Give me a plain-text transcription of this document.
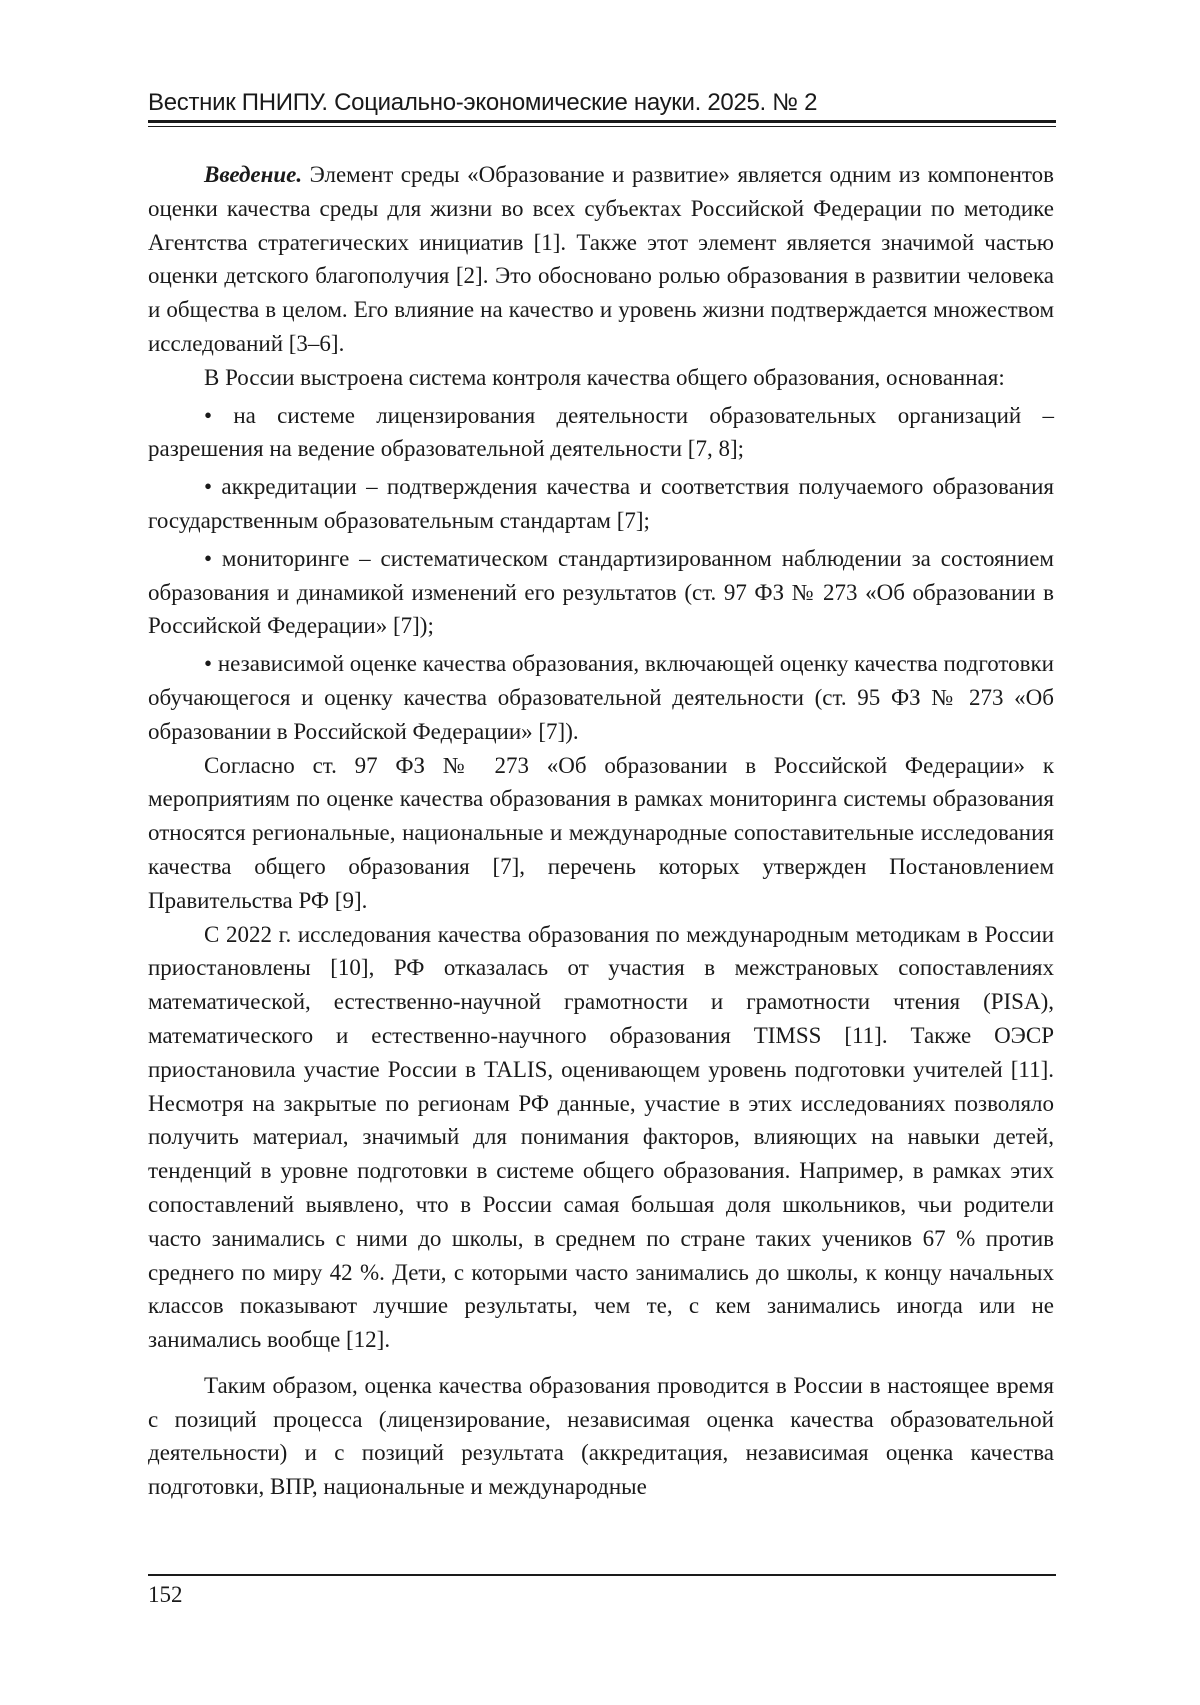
Вестник ПНИПУ. Социально-экономические науки. 2025. № 2

Введение. Элемент среды «Образование и развитие» является одним из компонентов оценки качества среды для жизни во всех субъектах Российской Федерации по методике Агентства стратегических инициатив [1]. Также этот элемент является значимой частью оценки детского благополучия [2]. Это обосновано ролью образования в развитии человека и общества в целом. Его влияние на качество и уровень жизни подтверждается множеством исследований [3–6].

В России выстроена система контроля качества общего образования, основанная:

• на системе лицензирования деятельности образовательных организаций – разрешения на ведение образовательной деятельности [7, 8];

• аккредитации – подтверждения качества и соответствия получаемого образования государственным образовательным стандартам [7];

• мониторинге – систематическом стандартизированном наблюдении за состоянием образования и динамикой изменений его результатов (ст. 97 ФЗ № 273 «Об образовании в Российской Федерации» [7]);

• независимой оценке качества образования, включающей оценку качества подготовки обучающегося и оценку качества образовательной деятельности (ст. 95 ФЗ № 273 «Об образовании в Российской Федерации» [7]).

Согласно ст. 97 ФЗ № 273 «Об образовании в Российской Федерации» к мероприятиям по оценке качества образования в рамках мониторинга системы образования относятся региональные, национальные и международные сопоставительные исследования качества общего образования [7], перечень которых утвержден Постановлением Правительства РФ [9].

С 2022 г. исследования качества образования по международным методикам в России приостановлены [10], РФ отказалась от участия в межстрановых сопоставлениях математической, естественно-научной грамотности и грамотности чтения (PISA), математического и естественно-научного образования TIMSS [11]. Также ОЭСР приостановила участие России в TALIS, оценивающем уровень подготовки учителей [11]. Несмотря на закрытые по регионам РФ данные, участие в этих исследованиях позволяло получить материал, значимый для понимания факторов, влияющих на навыки детей, тенденций в уровне подготовки в системе общего образования. Например, в рамках этих сопоставлений выявлено, что в России самая большая доля школьников, чьи родители часто занимались с ними до школы, в среднем по стране таких учеников 67 % против среднего по миру 42 %. Дети, с которыми часто занимались до школы, к концу начальных классов показывают лучшие результаты, чем те, с кем занимались иногда или не занимались вообще [12].

Таким образом, оценка качества образования проводится в России в настоящее время с позиций процесса (лицензирование, независимая оценка качества образовательной деятельности) и с позиций результата (аккредитация, независимая оценка качества подготовки, ВПР, национальные и международные

152
